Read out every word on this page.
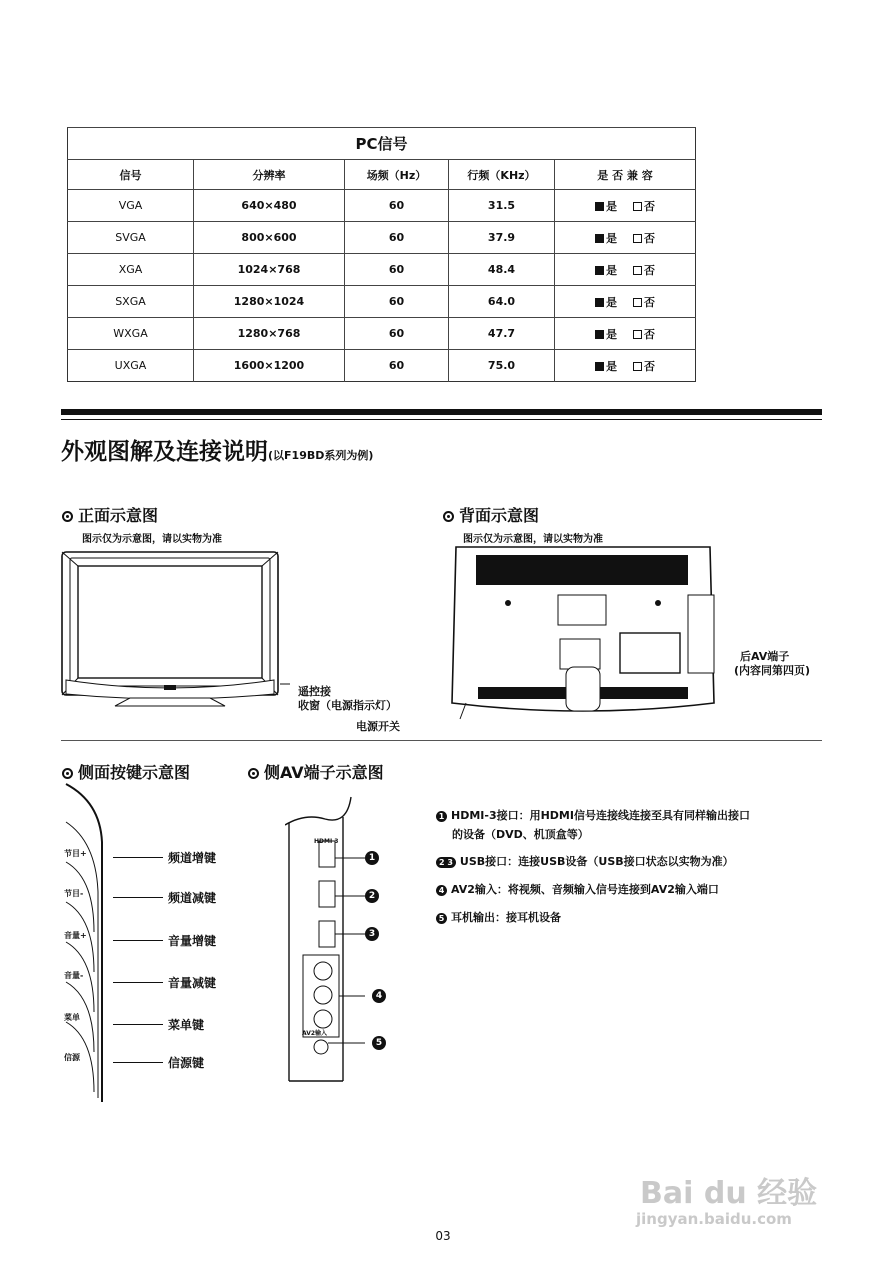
PC信号				
信号	分辨率	场频（Hz）	行频（KHz）	是 否 兼 容
VGA	640×480	60	31.5	是 否
SVGA	800×600	60	37.9	是 否
XGA	1024×768	60	48.4	是 否
SXGA	1280×1024	60	64.0	是 否
WXGA	1280×768	60	47.7	是 否
UXGA	1600×1200	60	75.0	是 否
外观图解及连接说明(以F19BD系列为例)
正面示意图
图示仅为示意图，请以实物为准
遥控接
收窗（电源指示灯）
电源开关
背面示意图
图示仅为示意图，请以实物为准
后AV端子
(内容同第四页)
侧面按键示意图	侧AV端子示意图
节目+
节目-
音量+
音量-
菜单
信源
频道增键
频道减键
音量增键
音量减键
菜单键
信源键
HDMI 3
AV2输入
1
2
3
4
5
1 HDMI-3接口：用HDMI信号连接线连接至具有同样输出接口
的设备（DVD、机顶盒等）
2 3 USB接口：连接USB设备（USB接口状态以实物为准）
4 AV2输入：将视频、音频输入信号连接到AV2输入端口
5 耳机输出：接耳机设备
Bai du 经验
jingyan.baidu.com
03
